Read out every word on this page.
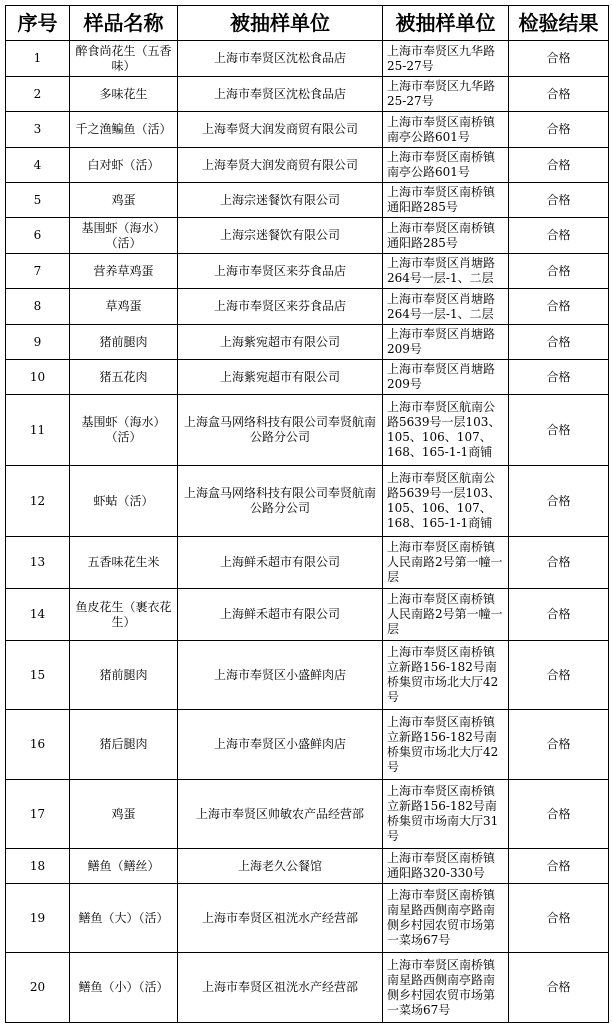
序号	样品名称	被抽样单位	被抽样单位	检验结果
1	醉食尚花生（五香味）	上海市奉贤区沈松食品店	上海市奉贤区九华路25-27号	合格
2	多味花生	上海市奉贤区沈松食品店	上海市奉贤区九华路25-27号	合格
3	千之渔鳊鱼（活）	上海奉贤大润发商贸有限公司	上海市奉贤区南桥镇南亭公路601号	合格
4	白对虾（活）	上海奉贤大润发商贸有限公司	上海市奉贤区南桥镇南亭公路601号	合格
5	鸡蛋	上海宗迷餐饮有限公司	上海市奉贤区南桥镇通阳路285号	合格
6	基围虾（海水）（活）	上海宗迷餐饮有限公司	上海市奉贤区南桥镇通阳路285号	合格
7	营养草鸡蛋	上海市奉贤区来芬食品店	上海市奉贤区肖塘路264号一层-1、二层	合格
8	草鸡蛋	上海市奉贤区来芬食品店	上海市奉贤区肖塘路264号一层-1、二层	合格
9	猪前腿肉	上海紫宛超市有限公司	上海市奉贤区肖塘路209号	合格
10	猪五花肉	上海紫宛超市有限公司	上海市奉贤区肖塘路209号	合格
11	基围虾（海水）（活）	上海盒马网络科技有限公司奉贤航南公路分公司	上海市奉贤区航南公路5639号一层103、105、106、107、168、165-1-1商铺	合格
12	虾蛄（活）	上海盒马网络科技有限公司奉贤航南公路分公司	上海市奉贤区航南公路5639号一层103、105、106、107、168、165-1-1商铺	合格
13	五香味花生米	上海鲜禾超市有限公司	上海市奉贤区南桥镇人民南路2号第一幢一层	合格
14	鱼皮花生（裹衣花生）	上海鲜禾超市有限公司	上海市奉贤区南桥镇人民南路2号第一幢一层	合格
15	猪前腿肉	上海市奉贤区小盛鲜肉店	上海市奉贤区南桥镇立新路156-182号南桥集贸市场北大厅42号	合格
16	猪后腿肉	上海市奉贤区小盛鲜肉店	上海市奉贤区南桥镇立新路156-182号南桥集贸市场北大厅42号	合格
17	鸡蛋	上海市奉贤区帅敏农产品经营部	上海市奉贤区南桥镇立新路156-182号南桥集贸市场南大厅31号	合格
18	鳝鱼（鳝丝）	上海老久公餐馆	上海市奉贤区南桥镇通阳路320-330号	合格
19	鳝鱼（大）（活）	上海市奉贤区祖洸水产经营部	上海市奉贤区南桥镇南星路西侧南亭路南侧乡村园农贸市场第一菜场67号	合格
20	鳝鱼（小）（活）	上海市奉贤区祖洸水产经营部	上海市奉贤区南桥镇南星路西侧南亭路南侧乡村园农贸市场第一菜场67号	合格
